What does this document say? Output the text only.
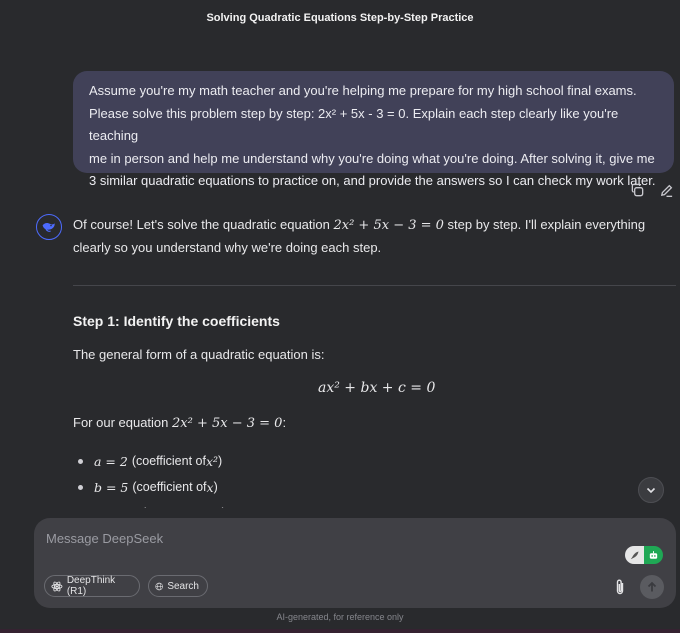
Solving Quadratic Equations Step-by-Step Practice
Assume you're my math teacher and you're helping me prepare for my high school final exams.
Please solve this problem step by step: 2x² + 5x - 3 = 0. Explain each step clearly like you're teaching
me in person and help me understand why you're doing what you're doing. After solving it, give me
3 similar quadratic equations to practice on, and provide the answers so I can check my work later.

Of course! Let's solve the quadratic equation 2x² + 5x − 3 = 0 step by step. I'll explain everything clearly so you understand why we're doing each step.

Step 1: Identify the coefficients
The general form of a quadratic equation is:
ax² + bx + c = 0
For our equation 2x² + 5x − 3 = 0:
a = 2 (coefficient of x² )
b = 5 (coefficient of x )
Message DeepSeek
DeepThink (R1)	Search
AI-generated, for reference only
